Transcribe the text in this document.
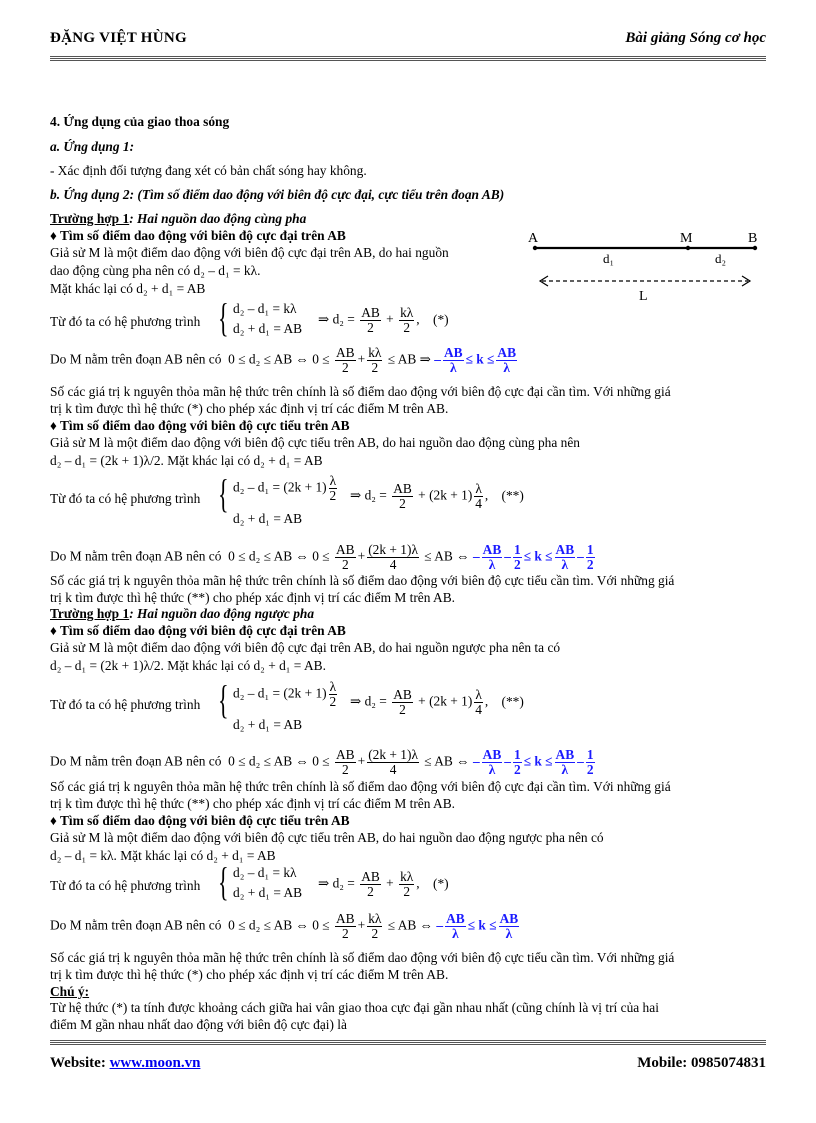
ĐẶNG VIỆT HÙNG	Bài giảng Sóng cơ học
4. Ứng dụng của giao thoa sóng
a. Ứng dụng 1:
- Xác định đối tượng đang xét có bản chất sóng hay không.
b. Ứng dụng 2: (Tìm số điểm dao động với biên độ cực đại, cực tiểu trên đoạn AB)
Trường hợp 1: Hai nguồn dao động cùng pha
♦ Tìm số điểm dao động với biên độ cực đại trên AB
Giả sử M là một điểm dao động với biên độ cực đại trên AB, do hai nguồn
dao động cùng pha nên có d₂ – d₁ = kλ.
Mặt khác lại có d₂ + d₁ = AB
A	M	B
d₁	d₂
L
Từ đó ta có hệ phương trình { d₂ – d₁ = kλ
d₂ + d₁ = AB
⇒ $d_2 = \frac{AB}{2} + \frac{k\lambda}{2}$ , (*)
Do M nằm trên đoạn AB nên có 0 ≤ d₂ ≤ AB ⇔ $0 \le \frac{AB}{2} + \frac{k\lambda}{2}$ ≤ AB ⇒ – $\frac{AB}{\lambda} \le k \le \frac{AB}{\lambda}$
Số các giá trị k nguyên thỏa mãn hệ thức trên chính là số điểm dao động với biên độ cực đại cần tìm. Với những giá
trị k tìm được thì hệ thức (*) cho phép xác định vị trí các điểm M trên AB.
♦ Tìm số điểm dao động với biên độ cực tiểu trên AB
Giả sử M là một điểm dao động với biên độ cực tiểu trên AB, do hai nguồn dao động cùng pha nên
d₂ – d₁ = (2k + 1)λ/2. Mặt khác lại có d₂ + d₁ = AB
Từ đó ta có hệ phương trình { $d_2 - d_1 = (2k + 1) \frac{\lambda}{2}$
d₂ + d₁ = AB
⇒ $d_2 = \frac{AB}{2} + (2k + 1) \frac{\lambda}{4}$ , (**)
Do M nằm trên đoạn AB nên có 0 ≤ d₂ ≤ AB ⇔ $0 \le \frac{AB}{2} + \frac{(2k + 1)\lambda}{4}$ ≤ AB ⇔ – $\frac{AB}{\lambda} - \frac{1}{2} \le k \le \frac{AB}{\lambda} - \frac{1}{2}$
Số các giá trị k nguyên thỏa mãn hệ thức trên chính là số điểm dao động với biên độ cực tiểu cần tìm. Với những giá
trị k tìm được thì hệ thức (**) cho phép xác định vị trí các điểm M trên AB.
Trường hợp 1: Hai nguồn dao động ngược pha
♦ Tìm số điểm dao động với biên độ cực đại trên AB
Giả sử M là một điểm dao động với biên độ cực đại trên AB, do hai nguồn ngược pha nên ta có
d₂ – d₁ = (2k + 1)λ/2. Mặt khác lại có d₂ + d₁ = AB.
Từ đó ta có hệ phương trình { $d_2 - d_1 = (2k + 1) \frac{\lambda}{2}$
d₂ + d₁ = AB
⇒ $d_2 = \frac{AB}{2} + (2k + 1) \frac{\lambda}{4}$ , (**)
Do M nằm trên đoạn AB nên có 0 ≤ d₂ ≤ AB ⇔ $0 \le \frac{AB}{2} + \frac{(2k + 1)\lambda}{4}$ ≤ AB ⇔ – $\frac{AB}{\lambda} - \frac{1}{2} \le k \le \frac{AB}{\lambda} - \frac{1}{2}$
Số các giá trị k nguyên thỏa mãn hệ thức trên chính là số điểm dao động với biên độ cực đại cần tìm. Với những giá
trị k tìm được thì hệ thức (**) cho phép xác định vị trí các điểm M trên AB.
♦ Tìm số điểm dao động với biên độ cực tiểu trên AB
Giả sử M là một điểm dao động với biên độ cực tiểu trên AB, do hai nguồn dao động ngược pha nên có
d₂ – d₁ = kλ. Mặt khác lại có d₂ + d₁ = AB
Từ đó ta có hệ phương trình { d₂ – d₁ = kλ
d₂ + d₁ = AB
⇒ $d_2 = \frac{AB}{2} + \frac{k\lambda}{2}$ , (*)
Do M nằm trên đoạn AB nên có 0 ≤ d₂ ≤ AB ⇔ $0 \le \frac{AB}{2} + \frac{k\lambda}{2}$ ≤ AB ⇔ – $\frac{AB}{\lambda} \le k \le \frac{AB}{\lambda}$
Số các giá trị k nguyên thỏa mãn hệ thức trên chính là số điểm dao động với biên độ cực tiểu cần tìm. Với những giá
trị k tìm được thì hệ thức (*) cho phép xác định vị trí các điểm M trên AB.
Chú ý:
Từ hệ thức (*) ta tính được khoảng cách giữa hai vân giao thoa cực đại gần nhau nhất (cũng chính là vị trí của hai
điểm M gần nhau nhất dao động với biên độ cực đại) là
Website: www.moon.vn	Mobile: 0985074831
